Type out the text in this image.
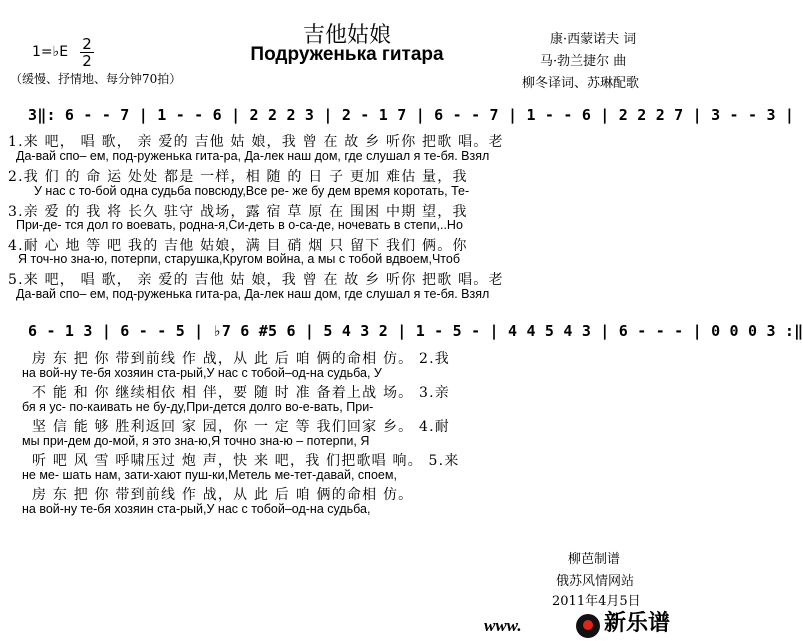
吉他姑娘
Подруженька гитара
1=♭E $\frac{2}{2}$
（缓慢、抒情地、每分钟70拍）
康·西蒙诺夫 词
马·勃兰捷尔 曲
柳冬译词、苏琳配歌
3‖: 6 - - 7 | 1 - - 6 | 2 2 2 3 | 2 - 1 7 | 6 - - 7 | 1 - - 6 | 2 2 2 7 | 3 - - 3 |
1.来 吧， 唱 歌， 亲 爱的 吉他 姑 娘，我 曾 在 故 乡 听你 把歌 唱。老
Да-вай спо– ем, под-руженька гита-ра, Да-лек наш дом, где слушал я те-бя. Взял
2.我 们 的 命 运 处处 都是 一样，相 随 的 日 子 更加 难估 量，我
У нас с то-бой одна судьба повсюду,Все ре- же бу дем время коротать, Те-
3.亲 爱 的 我 将 长久 驻守 战场，露 宿 草 原 在 围困 中期 望，我
При-де- тся дол го воевать, родна-я,Си-деть в о-са-де, ночевать в степи,..Но
4.耐 心 地 等 吧 我的 吉他 姑娘，满 目 硝 烟 只 留下 我们 俩。你
Я точ-но зна-ю, потерпи, старушка,Кругом война, а мы с тобой вдвоем,Чтоб
5.来 吧， 唱 歌， 亲 爱的 吉他 姑 娘，我 曾 在 故 乡 听你 把歌 唱。老
Да-вай спо– ем, под-руженька гита-ра, Да-лек наш дом, где слушал я те-бя. Взял
6 - 1 3 | 6 - - 5 | ♭7 6 #5 6 | 5 4 3 2 | 1 - 5 - | 4 4 5 4 3 | 6 - - - | 0 0 0 3 :‖
房 东 把 你 带到前线 作 战，从 此 后 咱 俩的命相 仿。 2.我
на вой-ну те-бя хозяин ста-рый,У нас с тобой–од-на судьба, У
不 能 和 你 继续相依 相 伴，要 随 时 准 备着上战 场。 3.亲
бя я ус- по-каивать не бу-ду,При-дется долго во-е-вать, При-
坚 信 能 够 胜利返回 家 园，你 一 定 等 我们回家 乡。 4.耐
мы при-дем до-мой, я это зна-ю,Я точно зна-ю – потерпи, Я
听 吧 风 雪 呼啸压过 炮 声，快 来 吧，我 们把歌唱 响。 5.来
не ме- шать нам, зати-хают пуш-ки,Метель ме-тет-давай, споем,
房 东 把 你 带到前线 作 战，从 此 后 咱 俩的命相 仿。
на вой-ну те-бя хозяин ста-рый,У нас с тобой–од-на судьба,
柳芭制谱
俄苏风情网站
2011年4月5日
www.	新乐谱
